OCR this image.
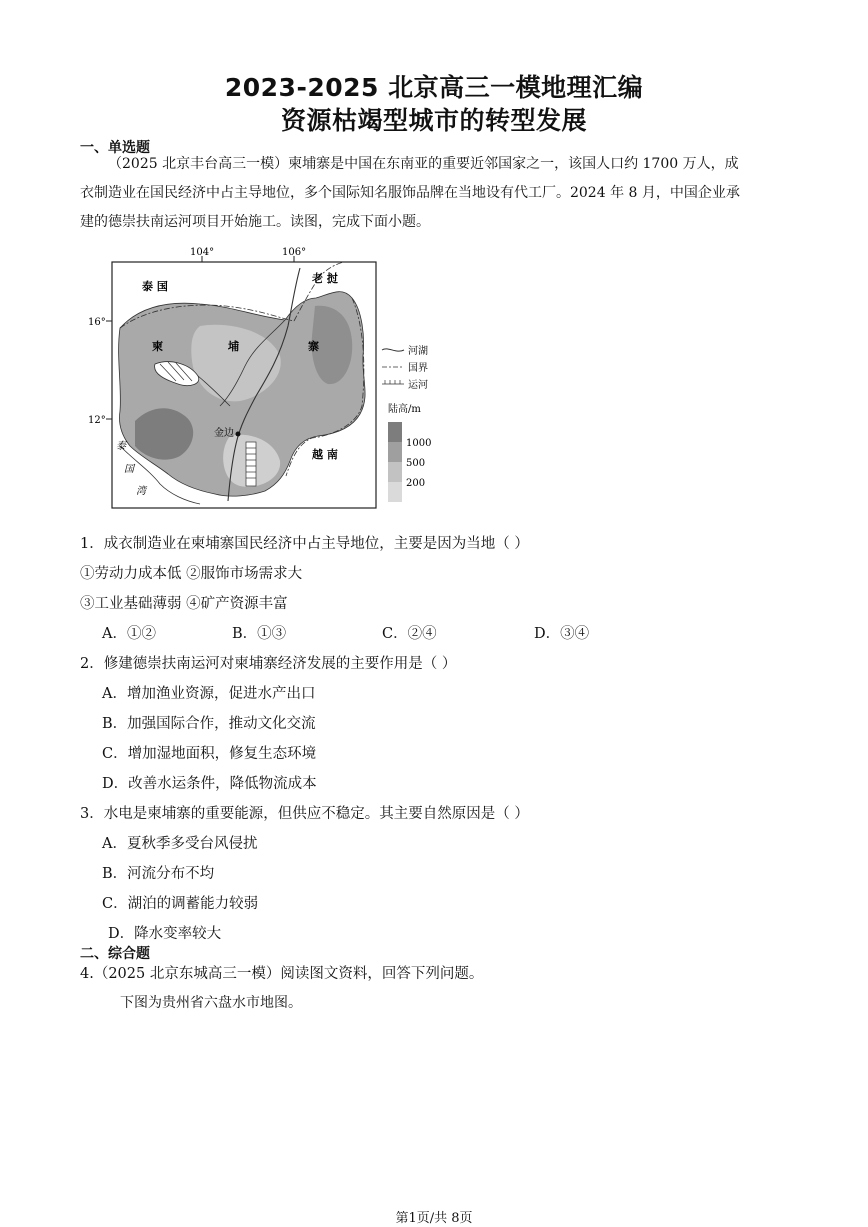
2023-2025 北京高三一模地理汇编
资源枯竭型城市的转型发展
一、单选题
（2025 北京丰台高三一模）柬埔寨是中国在东南亚的重要近邻国家之一，该国人口约 1700 万人，成
衣制造业在国民经济中占主导地位，多个国际知名服饰品牌在当地设有代工厂。2024 年 8 月，中国企业承
建的德崇扶南运河项目开始施工。读图，完成下面小题。
104°	106°
16°
12°
泰 国
老 挝
柬	埔	寨
越 南
金边
泰
国
湾
河湖
国界
运河
陆高/m
1000
500
200
1．成衣制造业在柬埔寨国民经济中占主导地位，主要是因为当地（ ）
①劳动力成本低 ②服饰市场需求大
③工业基础薄弱 ④矿产资源丰富
A．①②	B．①③	C．②④	D．③④
2．修建德崇扶南运河对柬埔寨经济发展的主要作用是（ ）
A．增加渔业资源，促进水产出口
B．加强国际合作，推动文化交流
C．增加湿地面积，修复生态环境
D．改善水运条件，降低物流成本
3．水电是柬埔寨的重要能源，但供应不稳定。其主要自然原因是（ ）
A．夏秋季多受台风侵扰
B．河流分布不均
C．湖泊的调蓄能力较弱
D．降水变率较大
二、综合题
4.（2025 北京东城高三一模）阅读图文资料，回答下列问题。
下图为贵州省六盘水市地图。
第1页/共 8页
